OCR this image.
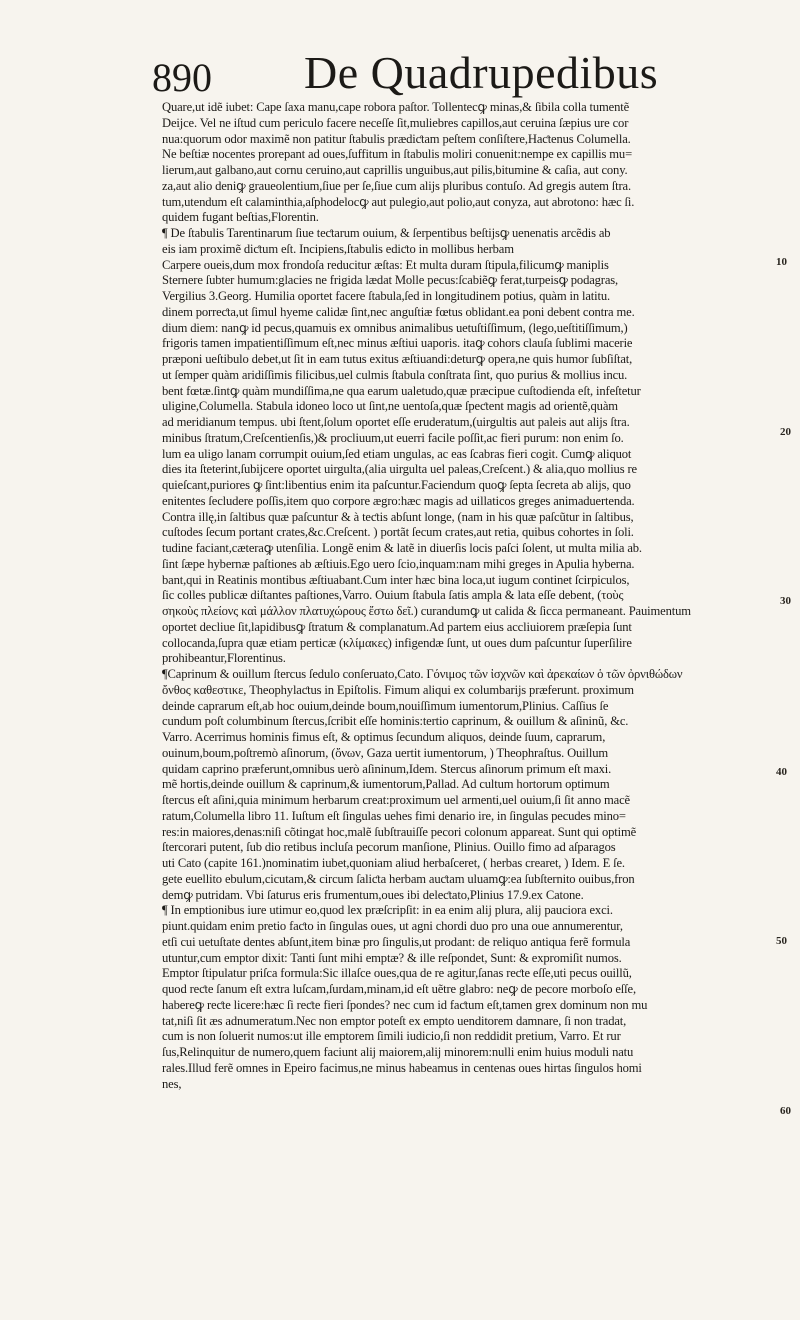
890 De Quadrupedibus
Quare,ut idẽ iubet: Cape ſaxa manu,cape robora paſtor. Tollentecꝙ minas,& ſibila colla tumentẽ
Deijce. Vel ne iſtud cum periculo facere neceſſe ſit,muliebres capillos,aut ceruina ſæpius ure cor
nua:quorum odor maximẽ non patitur ſtabulis prædiƈtam peſtem conſiſtere,Haƈtenus Columella.
Ne beſtiæ nocentes prorepant ad oues,ſuffitum in ſtabulis moliri conuenit:nempe ex capillis mu=
lierum,aut galbano,aut cornu ceruino,aut caprillis unguibus,aut pilis,bitumine & caſia, aut cony.
za,aut alio deniꝙ graueolentium,ſiue per ſe,ſiue cum alijs pluribus contuſo. Ad gregis autem ſtra.
tum,utendum eſt calaminthia,aſphodelocꝙ aut pulegio,aut polio,aut conyza, aut abrotono: hæc ſi.
quidem fugant beſtias,Florentin.
¶ De ſtabulis Tarentinarum ſiue teƈtarum ouium, & ſerpentibus beſtijsꝙ uenenatis arcẽdis ab
eis iam proximẽ diƈtum eſt. Incipiens,ſtabulis ediƈto in mollibus herbam
Carpere oueis,dum mox frondoſa reducitur æſtas: Et multa duram ſtipula,filicumꝙ maniplis
Sternere ſubter humum:glacies ne frigida lædat Molle pecus:ſcabiẽꝙ ferat,turpeisꝙ podagras,
Vergilius 3.Georg. Humilia oportet facere ſtabula,ſed in longitudinem potius, quàm in latitu.
dinem porreƈta,ut ſimul hyeme calidæ ſint,nec anguſtiæ fœtus oblidant.ea poni debent contra me.
dium diem: nanꝙ id pecus,quamuis ex omnibus animalibus uetuſtiſſimum, (lego,ueſtitiſſimum,)
frigoris tamen impatientiſſimum eſt,nec minus æſtiui uaporis. itaꝙ cohors clauſa ſublimi macerie
præponi ueſtibulo debet,ut ſit in eam tutus exitus æſtiuandi:deturꝙ opera,ne quis humor ſubſiſtat,
ut ſemper quàm aridiſſimis filicibus,uel culmis ſtabula conſtrata ſint, quo purius & mollius incu.
bent fœtæ.ſintꝙ quàm mundiſſima,ne qua earum ualetudo,quæ præcipue cuſtodienda eſt, infeſtetur
uligine,Columella. Stabula idoneo loco ut ſint,ne uentoſa,quæ ſpeƈtent magis ad orientẽ,quàm
ad meridianum tempus. ubi ſtent,ſolum oportet eſſe eruderatum,(uirgultis aut paleis aut alijs ſtra.
minibus ſtratum,Creſcentienſis,)& procliuum,ut euerri facile poſſit,ac fieri purum: non enim ſo.
lum ea uligo lanam corrumpit ouium,ſed etiam ungulas, ac eas ſcabras fieri cogit. Cumꝙ aliquot
dies ita ſteterint,ſubijcere oportet uirgulta,(alia uirgulta uel paleas,Creſcent.) & alia,quo mollius re
quieſcant,puriores ꝙ ſint:libentius enim ita paſcuntur.Faciendum quoꝙ ſepta ſecreta ab alijs, quo
enitentes ſecludere poſſis,item quo corpore ægro:hæc magis ad uillaticos greges animaduertenda.
Contra illę,in ſaltibus quæ paſcuntur & à teƈtis abſunt longe, (nam in his quæ paſcũtur in ſaltibus,
cuſtodes ſecum portant crates,&c.Creſcent. ) portãt ſecum crates,aut retia, quibus cohortes in ſoli.
tudine faciant,cæteraꝙ utenſilia. Longẽ enim & latẽ in diuerſis locis paſci ſolent, ut multa milia ab.
ſint ſæpe hybernæ paſtiones ab æſtiuis.Ego uero ſcio,inquam:nam mihi greges in Apulia hyberna.
bant,qui in Reatinis montibus æſtiuabant.Cum inter hæc bina loca,ut iugum continet ſcirpiculos,
ſic colles publicæ diſtantes paſtiones,Varro. Ouium ſtabula ſatis ampla & lata eſſe debent, (τοὺς
σηκοὺς πλείονς καὶ μάλλον πλατυχώρους ἔστω δεῖ.) curandumꝙ ut calida & ſicca permaneant. Pauimentum
oportet decliue ſit,lapidibusꝙ ſtratum & complanatum.Ad partem eius accliuiorem præſepia ſunt
collocanda,ſupra quæ etiam perticæ (κλίμακες) infigendæ ſunt, ut oues dum paſcuntur ſuperſilire
prohibeantur,Florentinus.
¶Caprinum & ouillum ſtercus ſedulo conſeruato,Cato. Γόνιμος τῶν ἰσχνῶν καὶ ἀρεκαίων ὁ τῶν ὀρνιθώδων
ὄνθος καθεστικε, Theophylaƈtus in Epiſtolis. Fimum aliqui ex columbarijs præferunt. proximum
deinde caprarum eſt,ab hoc ouium,deinde boum,nouiſſimum iumentorum,Plinius. Caſſius ſe
cundum poſt columbinum ſtercus,ſcribit eſſe hominis:tertio caprinum, & ouillum & aſininũ, &c.
Varro. Acerrimus hominis fimus eſt, & optimus ſecundum aliquos, deinde ſuum, caprarum,
ouinum,boum,poſtremò aſinorum, (ὄνων, Gaza uertit iumentorum, ) Theophraſtus. Ouillum
quidam caprino præferunt,omnibus uerò aſininum,Idem. Stercus aſinorum primum eſt maxi.
mẽ hortis,deinde ouillum & caprinum,& iumentorum,Pallad. Ad cultum hortorum optimum
ſtercus eſt aſini,quia minimum herbarum creat:proximum uel armenti,uel ouium,ſi ſit anno macẽ
ratum,Columella libro 11. Iuſtum eſt ſingulas uehes fimi denario ire, in ſingulas pecudes mino=
res:in maiores,denas:niſi cõtingat hoc,malẽ ſubſtrauiſſe pecori colonum appareat. Sunt qui optimẽ
ſtercorari putent, ſub dio retibus incluſa pecorum manſione, Plinius. Ouillo fimo ad aſparagos
uti Cato (capite 161.)nominatim iubet,quoniam aliud herbaſceret, ( herbas crearet, ) Idem. E ſe.
gete euellito ebulum,cicutam,& circum ſaliƈta herbam auƈtam uluamꝙ:ea ſubſternito ouibus,fron
demꝙ putridam. Vbi ſaturus eris frumentum,oues ibi deleƈtato,Plinius 17.9.ex Catone.
¶ In emptionibus iure utimur eo,quod lex præſcripſit: in ea enim alij plura, alij pauciora exci.
piunt.quidam enim pretio faƈto in ſingulas oues, ut agni chordi duo pro una oue annumerentur,
etſi cui uetuſtate dentes abſunt,item binæ pro ſingulis,ut prodant: de reliquo antiqua ferẽ formula
utuntur,cum emptor dixit: Tanti ſunt mihi emptæ? & ille reſpondet, Sunt: & expromiſit numos.
Emptor ſtipulatur priſca formula:Sic illaſce oues,qua de re agitur,ſanas reƈte eſſe,uti pecus ouillũ,
quod reƈte ſanum eſt extra luſcam,ſurdam,minam,id eſt uẽtre glabro: neꝙ de pecore morboſo eſſe,
habereꝙ reƈte licere:hæc ſi reƈte fieri ſpondes? nec cum id faƈtum eſt,tamen grex dominum non mu
tat,niſi ſit æs adnumeratum.Nec non emptor poteſt ex empto uenditorem damnare, ſi non tradat,
cum is non ſoluerit numos:ut ille emptorem ſimili iudicio,ſi non reddidit pretium, Varro. Et rur
ſus,Relinquitur de numero,quem faciunt alij maiorem,alij minorem:nulli enim huius moduli natu
rales.Illud ferẽ omnes in Epeiro facimus,ne minus habeamus in centenas oues hirtas ſingulos homi
nes,
10
20
30
40
50
60
